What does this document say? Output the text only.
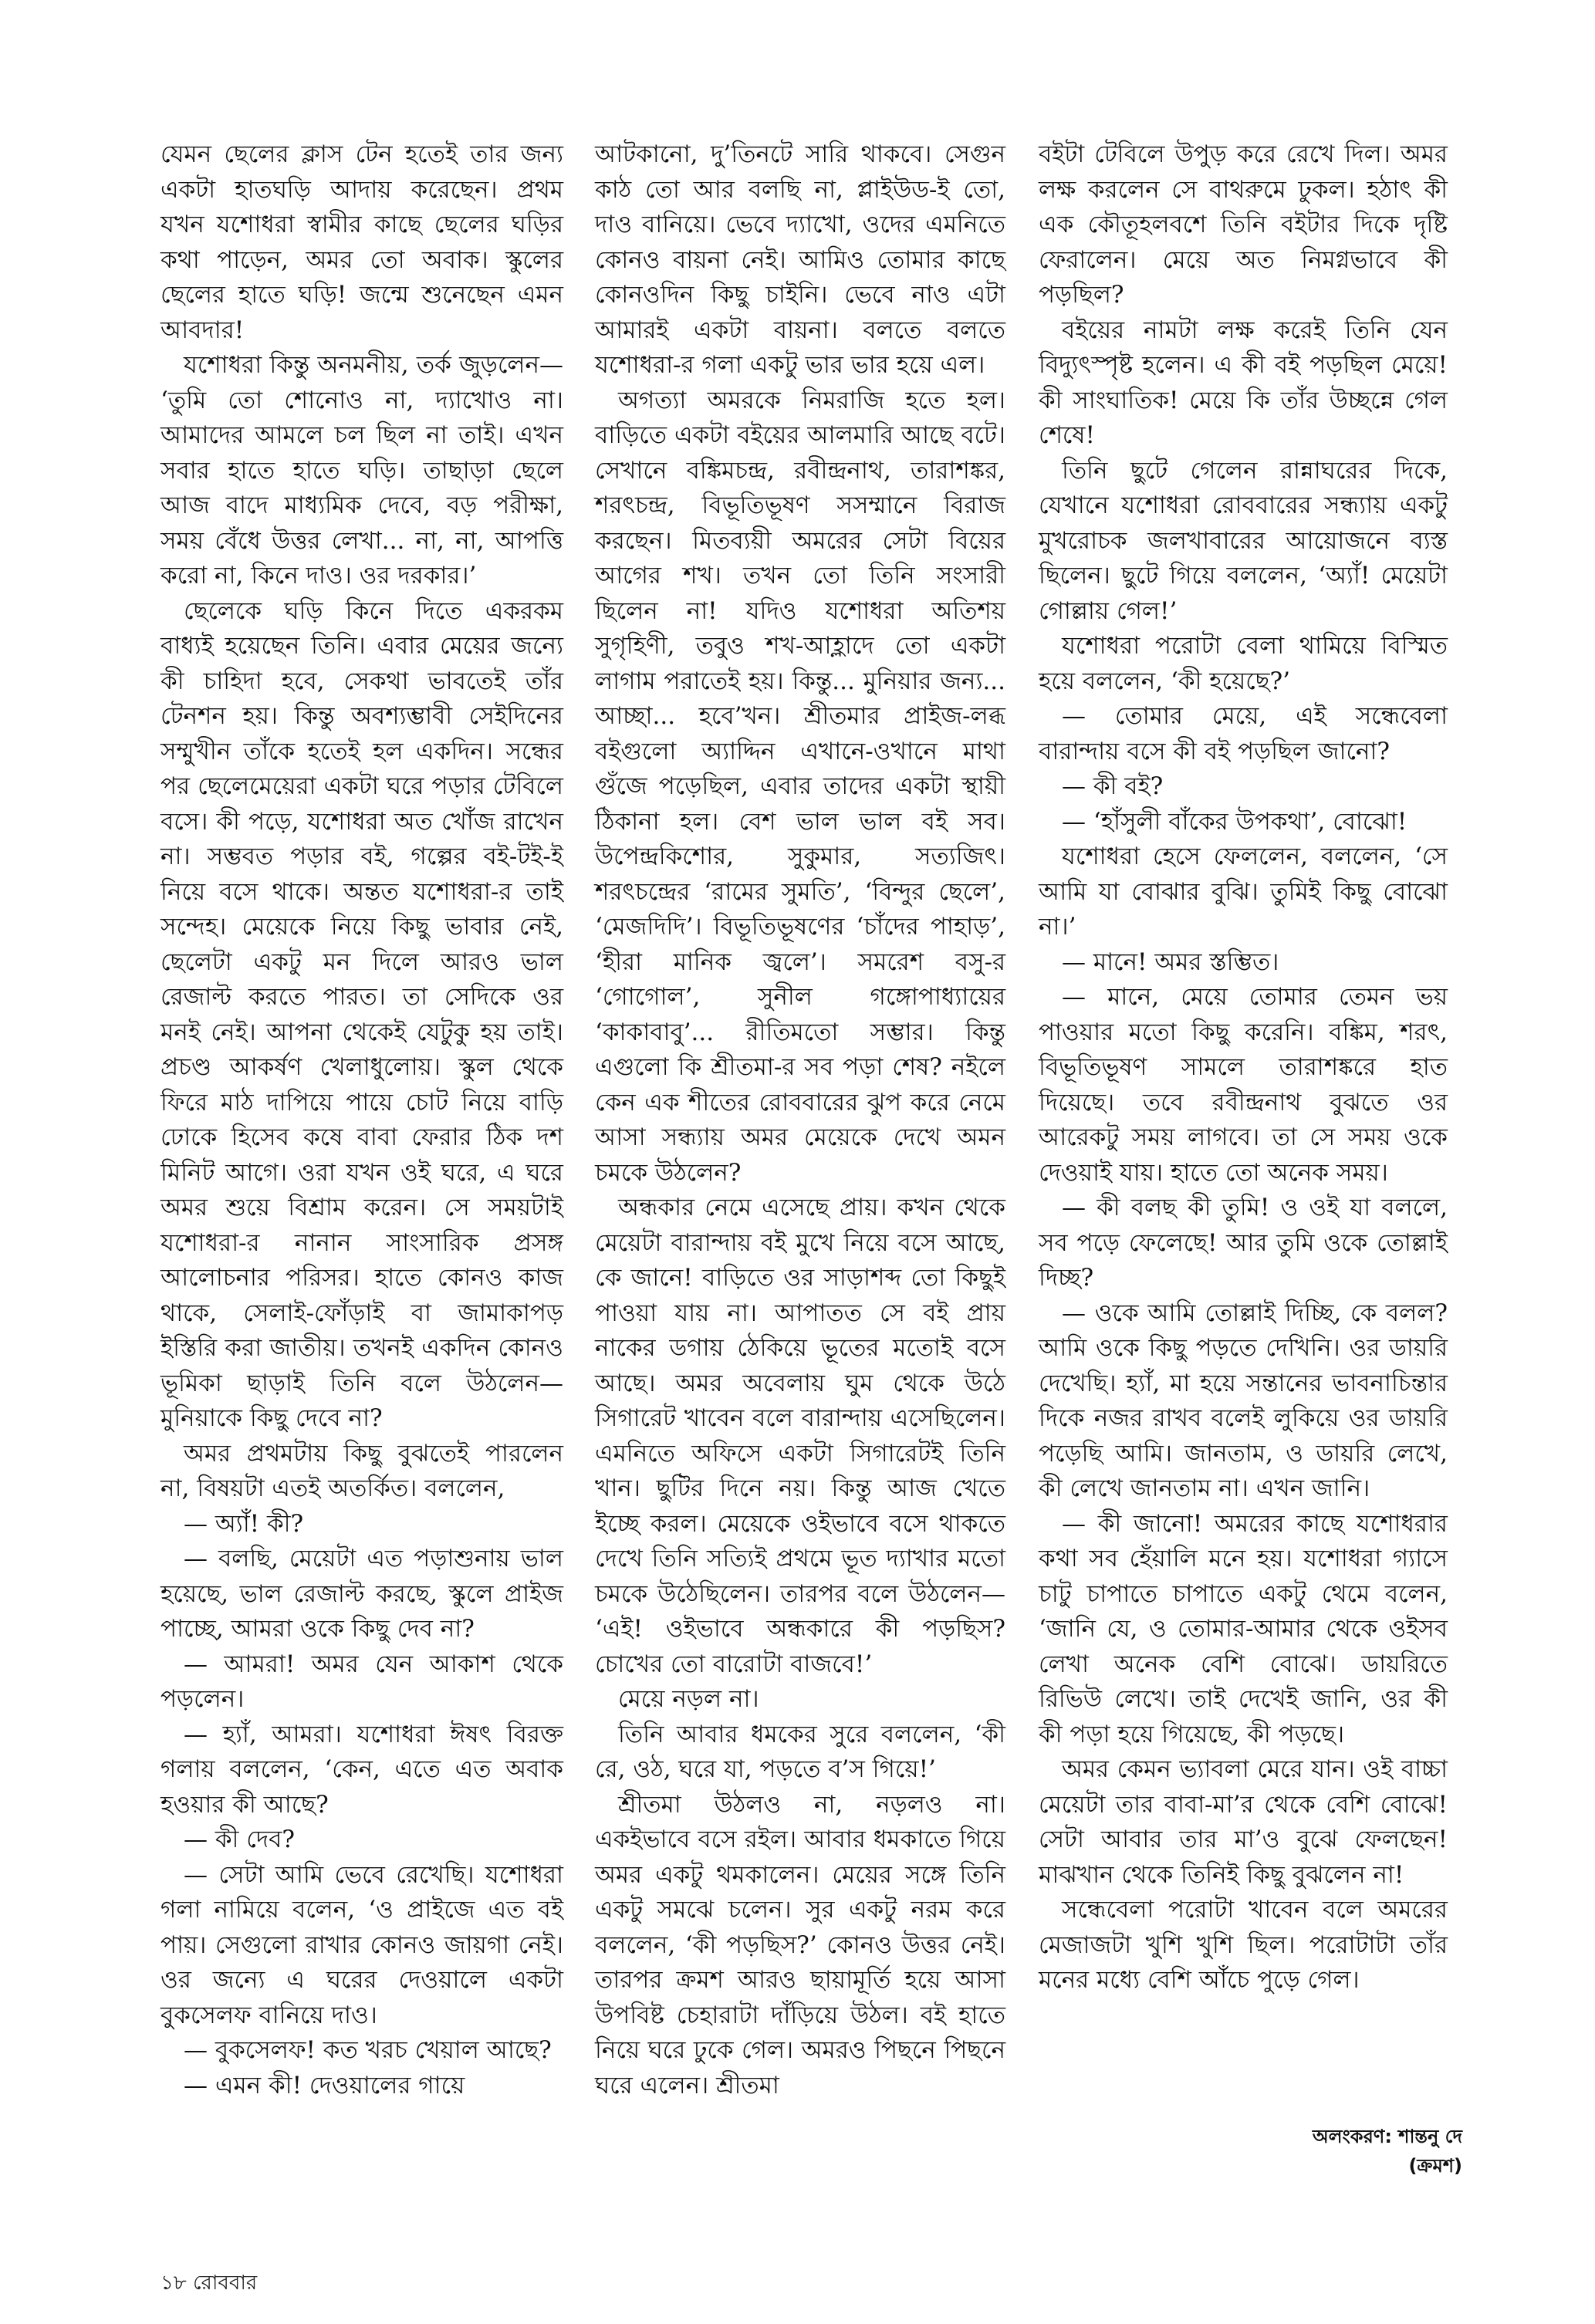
যেমন ছেলের ক্লাস টেন হতেই তার জন্য একটা হাতঘড়ি আদায় করেছেন। প্রথম যখন যশোধরা স্বামীর কাছে ছেলের ঘড়ির কথা পাড়েন, অমর তো অবাক। স্কুলের ছেলের হাতে ঘড়ি! জন্মে শুনেছেন এমন আবদার!

যশোধরা কিন্তু অনমনীয়, তর্ক জুড়লেন— ‘তুমি তো শোনোও না, দ্যাখোও না। আমাদের আমলে চল ছিল না তাই। এখন সবার হাতে হাতে ঘড়ি। তাছাড়া ছেলে আজ বাদে মাধ্যমিক দেবে, বড় পরীক্ষা, সময় বেঁধে উত্তর লেখা... না, না, আপত্তি করো না, কিনে দাও। ওর দরকার।’

ছেলেকে ঘড়ি কিনে দিতে একরকম বাধ্যই হয়েছেন তিনি। এবার মেয়ের জন্যে কী চাহিদা হবে, সেকথা ভাবতেই তাঁর টেনশন হয়। কিন্তু অবশ্যম্ভাবী সেইদিনের সম্মুখীন তাঁকে হতেই হল একদিন। সন্ধের পর ছেলেমেয়েরা একটা ঘরে পড়ার টেবিলে বসে। কী পড়ে, যশোধরা অত খোঁজ রাখেন না। সম্ভবত পড়ার বই, গল্পের বই-টই-ই নিয়ে বসে থাকে। অন্তত যশোধরা-র তাই সন্দেহ। মেয়েকে নিয়ে কিছু ভাবার নেই, ছেলেটা একটু মন দিলে আরও ভাল রেজাল্ট করতে পারত। তা সেদিকে ওর মনই নেই। আপনা থেকেই যেটুকু হয় তাই। প্রচণ্ড আকর্ষণ খেলাধুলোয়। স্কুল থেকে ফিরে মাঠ দাপিয়ে পায়ে চোট নিয়ে বাড়ি ঢোকে হিসেব কষে বাবা ফেরার ঠিক দশ মিনিট আগে। ওরা যখন ওই ঘরে, এ ঘরে অমর শুয়ে বিশ্রাম করেন। সে সময়টাই যশোধরা-র নানান সাংসারিক প্রসঙ্গ আলোচনার পরিসর। হাতে কোনও কাজ থাকে, সেলাই-ফোঁড়াই বা জামাকাপড় ইস্তিরি করা জাতীয়। তখনই একদিন কোনও ভূমিকা ছাড়াই তিনি বলে উঠলেন— মুনিয়াকে কিছু দেবে না?

অমর প্রথমটায় কিছু বুঝতেই পারলেন না, বিষয়টা এতই অতর্কিত। বললেন,

— অ্যাঁ! কী?

— বলছি, মেয়েটা এত পড়াশুনায় ভাল হয়েছে, ভাল রেজাল্ট করছে, স্কুলে প্রাইজ পাচ্ছে, আমরা ওকে কিছু দেব না?

— আমরা! অমর যেন আকাশ থেকে পড়লেন।

— হ্যাঁ, আমরা। যশোধরা ঈষৎ বিরক্ত গলায় বললেন, ‘কেন, এতে এত অবাক হওয়ার কী আছে?

— কী দেব?

— সেটা আমি ভেবে রেখেছি। যশোধরা গলা নামিয়ে বলেন, ‘ও প্রাইজে এত বই পায়। সেগুলো রাখার কোনও জায়গা নেই। ওর জন্যে এ ঘরের দেওয়ালে একটা বুকসেলফ বানিয়ে দাও।

— বুকসেলফ! কত খরচ খেয়াল আছে?

— এমন কী! দেওয়ালের গায়ে

আটকানো, দু’তিনটে সারি থাকবে। সেগুন কাঠ তো আর বলছি না, প্লাইউড-ই তো, দাও বানিয়ে। ভেবে দ্যাখো, ওদের এমনিতে কোনও বায়না নেই। আমিও তোমার কাছে কোনওদিন কিছু চাইনি। ভেবে নাও এটা আমারই একটা বায়না। বলতে বলতে যশোধরা-র গলা একটু ভার ভার হয়ে এল।

অগত্যা অমরকে নিমরাজি হতে হল। বাড়িতে একটা বইয়ের আলমারি আছে বটে। সেখানে বঙ্কিমচন্দ্র, রবীন্দ্রনাথ, তারাশঙ্কর, শরৎচন্দ্র, বিভূতিভূষণ সসম্মানে বিরাজ করছেন। মিতব্যয়ী অমরের সেটা বিয়ের আগের শখ। তখন তো তিনি সংসারী ছিলেন না! যদিও যশোধরা অতিশয় সুগৃহিণী, তবুও শখ-আহ্লাদে তো একটা লাগাম পরাতেই হয়। কিন্তু... মুনিয়ার জন্য... আচ্ছা... হবে’খন। শ্রীতমার প্রাইজ-লব্ধ বইগুলো অ্যাদ্দিন এখানে-ওখানে মাথা গুঁজে পড়েছিল, এবার তাদের একটা স্থায়ী ঠিকানা হল। বেশ ভাল ভাল বই সব। উপেন্দ্রকিশোর, সুকুমার, সত্যজিৎ। শরৎচন্দ্রের ‘রামের সুমতি’, ‘বিন্দুর ছেলে’, ‘মেজদিদি’। বিভূতিভূষণের ‘চাঁদের পাহাড়’, ‘হীরা মানিক জ্বলে’। সমরেশ বসু-র ‘গোগোল’, সুনীল গঙ্গোপাধ্যায়ের ‘কাকাবাবু’... রীতিমতো সম্ভার। কিন্তু এগুলো কি শ্রীতমা-র সব পড়া শেষ? নইলে কেন এক শীতের রোববারের ঝুপ করে নেমে আসা সন্ধ্যায় অমর মেয়েকে দেখে অমন চমকে উঠলেন?

অন্ধকার নেমে এসেছে প্রায়। কখন থেকে মেয়েটা বারান্দায় বই মুখে নিয়ে বসে আছে, কে জানে! বাড়িতে ওর সাড়াশব্দ তো কিছুই পাওয়া যায় না। আপাতত সে বই প্রায় নাকের ডগায় ঠেকিয়ে ভূতের মতোই বসে আছে। অমর অবেলায় ঘুম থেকে উঠে সিগারেট খাবেন বলে বারান্দায় এসেছিলেন। এমনিতে অফিসে একটা সিগারেটই তিনি খান। ছুটির দিনে নয়। কিন্তু আজ খেতে ইচ্ছে করল। মেয়েকে ওইভাবে বসে থাকতে দেখে তিনি সত্যিই প্রথমে ভূত দ্যাখার মতো চমকে উঠেছিলেন। তারপর বলে উঠলেন— ‘এই! ওইভাবে অন্ধকারে কী পড়ছিস? চোখের তো বারোটা বাজবে!’

মেয়ে নড়ল না।

তিনি আবার ধমকের সুরে বললেন, ‘কী রে, ওঠ, ঘরে যা, পড়তে ব’স গিয়ে!’

শ্রীতমা উঠলও না, নড়লও না। একইভাবে বসে রইল। আবার ধমকাতে গিয়ে অমর একটু থমকালেন। মেয়ের সঙ্গে তিনি একটু সমঝে চলেন। সুর একটু নরম করে বললেন, ‘কী পড়ছিস?’ কোনও উত্তর নেই। তারপর ক্রমশ আরও ছায়ামূর্তি হয়ে আসা উপবিষ্ট চেহারাটা দাঁড়িয়ে উঠল। বই হাতে নিয়ে ঘরে ঢুকে গেল। অমরও পিছনে পিছনে ঘরে এলেন। শ্রীতমা

বইটা টেবিলে উপুড় করে রেখে দিল। অমর লক্ষ করলেন সে বাথরুমে ঢুকল। হঠাৎ কী এক কৌতূহলবশে তিনি বইটার দিকে দৃষ্টি ফেরালেন। মেয়ে অত নিমগ্নভাবে কী পড়ছিল?

বইয়ের নামটা লক্ষ করেই তিনি যেন বিদ্যুৎস্পৃষ্ট হলেন। এ কী বই পড়ছিল মেয়ে! কী সাংঘাতিক! মেয়ে কি তাঁর উচ্ছন্নে গেল শেষে!

তিনি ছুটে গেলেন রান্নাঘরের দিকে, যেখানে যশোধরা রোববারের সন্ধ্যায় একটু মুখরোচক জলখাবারের আয়োজনে ব্যস্ত ছিলেন। ছুটে গিয়ে বললেন, ‘অ্যাঁ! মেয়েটা গোল্লায় গেল!’

যশোধরা পরোটা বেলা থামিয়ে বিস্মিত হয়ে বললেন, ‘কী হয়েছে?’

— তোমার মেয়ে, এই সন্ধেবেলা বারান্দায় বসে কী বই পড়ছিল জানো?

— কী বই?

— ‘হাঁসুলী বাঁকের উপকথা’, বোঝো!

যশোধরা হেসে ফেললেন, বললেন, ‘সে আমি যা বোঝার বুঝি। তুমিই কিছু বোঝো না।’

— মানে! অমর স্তম্ভিত।

— মানে, মেয়ে তোমার তেমন ভয় পাওয়ার মতো কিছু করেনি। বঙ্কিম, শরৎ, বিভূতিভূষণ সামলে তারাশঙ্করে হাত দিয়েছে। তবে রবীন্দ্রনাথ বুঝতে ওর আরেকটু সময় লাগবে। তা সে সময় ওকে দেওয়াই যায়। হাতে তো অনেক সময়।

— কী বলছ কী তুমি! ও ওই যা বললে, সব পড়ে ফেলেছে! আর তুমি ওকে তোল্লাই দিচ্ছ?

— ওকে আমি তোল্লাই দিচ্ছি, কে বলল? আমি ওকে কিছু পড়তে দেখিনি। ওর ডায়রি দেখেছি। হ্যাঁ, মা হয়ে সন্তানের ভাবনাচিন্তার দিকে নজর রাখব বলেই লুকিয়ে ওর ডায়রি পড়েছি আমি। জানতাম, ও ডায়রি লেখে, কী লেখে জানতাম না। এখন জানি।

— কী জানো! অমরের কাছে যশোধরার কথা সব হেঁয়ালি মনে হয়। যশোধরা গ্যাসে চাটু চাপাতে চাপাতে একটু থেমে বলেন, ‘জানি যে, ও তোমার-আমার থেকে ওইসব লেখা অনেক বেশি বোঝে। ডায়রিতে রিভিউ লেখে। তাই দেখেই জানি, ওর কী কী পড়া হয়ে গিয়েছে, কী পড়ছে।

অমর কেমন ভ্যাবলা মেরে যান। ওই বাচ্চা মেয়েটা তার বাবা-মা’র থেকে বেশি বোঝে! সেটা আবার তার মা’ও বুঝে ফেলছেন! মাঝখান থেকে তিনিই কিছু বুঝলেন না!

সন্ধেবেলা পরোটা খাবেন বলে অমরের মেজাজটা খুশি খুশি ছিল। পরোটাটা তাঁর মনের মধ্যে বেশি আঁচে পুড়ে গেল।

অলংকরণ: শান্তনু দে
(ক্রমশ)
১৮ রোববার
